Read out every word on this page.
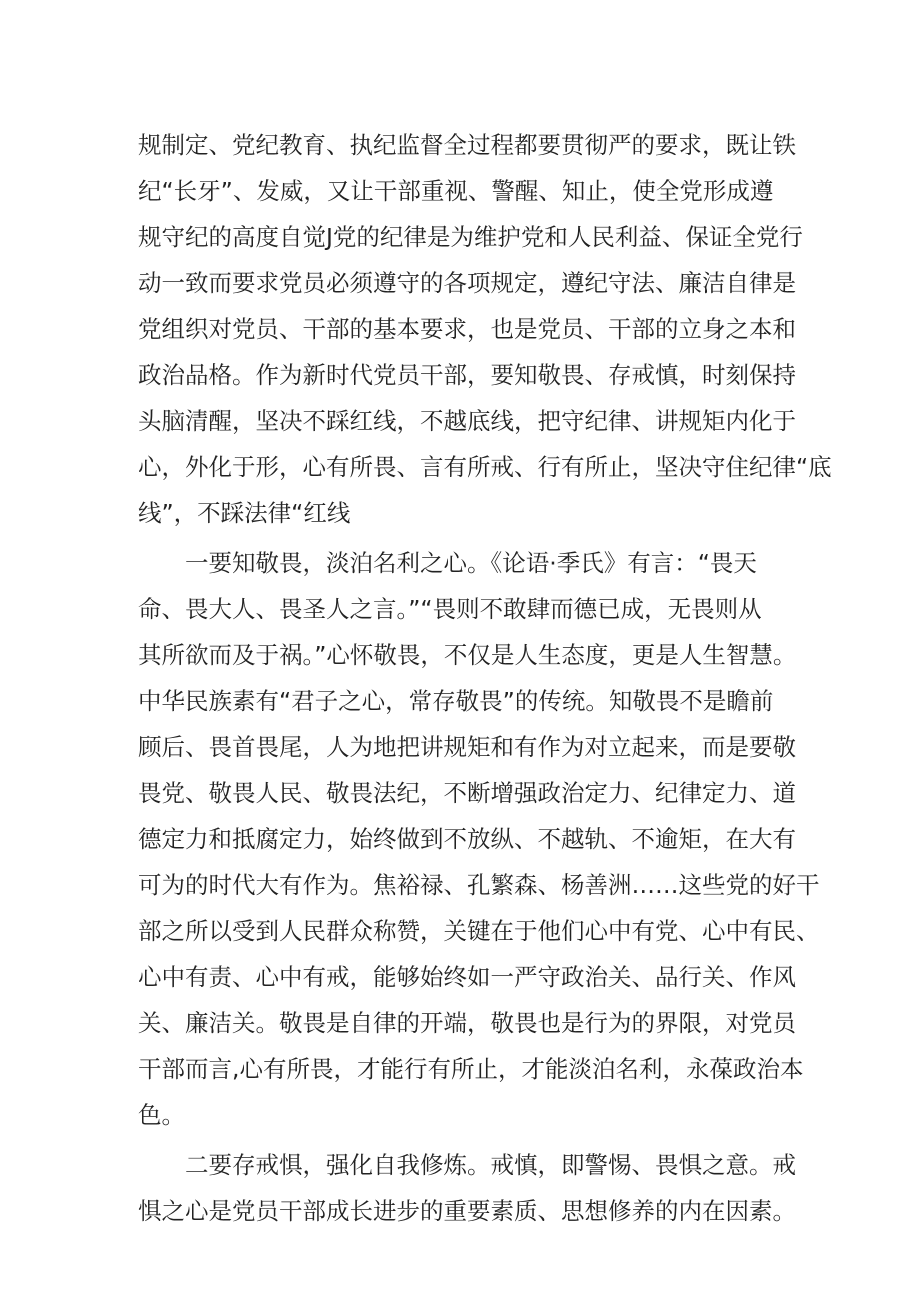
规制定、党纪教育、执纪监督全过程都要贯彻严的要求，既让铁
纪“长牙”、发威，又让干部重视、警醒、知止，使全党形成遵
规守纪的高度自觉J党的纪律是为维护党和人民利益、保证全党行
动一致而要求党员必须遵守的各项规定，遵纪守法、廉洁自律是
党组织对党员、干部的基本要求，也是党员、干部的立身之本和
政治品格。作为新时代党员干部，要知敬畏、存戒慎，时刻保持
头脑清醒，坚决不踩红线，不越底线，把守纪律、讲规矩内化于
心，外化于形，心有所畏、言有所戒、行有所止，坚决守住纪律“底
线”，不踩法律“红线
一要知敬畏，淡泊名利之心。《论语·季氏》有言：“畏天
命、畏大人、畏圣人之言。”“畏则不敢肆而德已成，无畏则从
其所欲而及于祸。”心怀敬畏，不仅是人生态度，更是人生智慧。
中华民族素有“君子之心，常存敬畏”的传统。知敬畏不是瞻前
顾后、畏首畏尾，人为地把讲规矩和有作为对立起来，而是要敬
畏党、敬畏人民、敬畏法纪，不断增强政治定力、纪律定力、道
德定力和抵腐定力，始终做到不放纵、不越轨、不逾矩，在大有
可为的时代大有作为。焦裕禄、孔繁森、杨善洲……这些党的好干
部之所以受到人民群众称赞，关键在于他们心中有党、心中有民、
心中有责、心中有戒，能够始终如一严守政治关、品行关、作风
关、廉洁关。敬畏是自律的开端，敬畏也是行为的界限，对党员
干部而言,心有所畏，才能行有所止，才能淡泊名利，永葆政治本
色。
二要存戒惧，强化自我修炼。戒慎，即警惕、畏惧之意。戒
惧之心是党员干部成长进步的重要素质、思想修养的内在因素。
